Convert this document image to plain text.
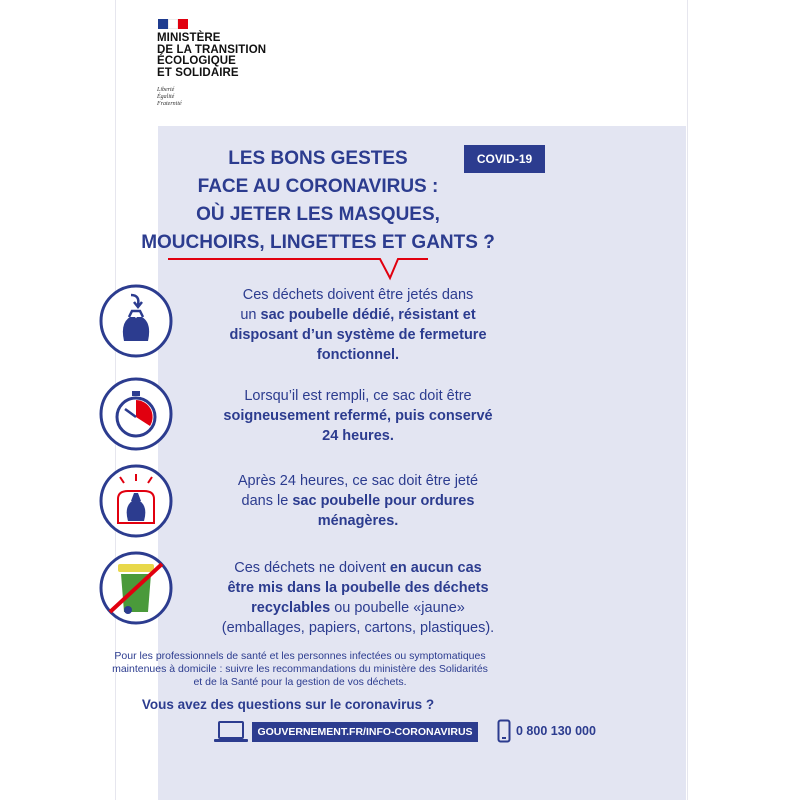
MINISTÈRE
DE LA TRANSITION
ÉCOLOGIQUE
ET SOLIDAIRE
Liberté
Égalité
Fraternité
COVID-19
LES BONS GESTES
FACE AU CORONAVIRUS :
OÙ JETER LES MASQUES,
MOUCHOIRS, LINGETTES ET GANTS ?
Ces déchets doivent être jetés dans
un sac poubelle dédié, résistant et
disposant d’un système de fermeture
fonctionnel.
Lorsqu’il est rempli, ce sac doit être
soigneusement refermé, puis conservé
24 heures.
Après 24 heures, ce sac doit être jeté
dans le sac poubelle pour ordures
ménagères.
Ces déchets ne doivent en aucun cas
être mis dans la poubelle des déchets
recyclables ou poubelle «jaune»
(emballages, papiers, cartons, plastiques).
Pour les professionnels de santé et les personnes infectées ou symptomatiques
maintenues à domicile : suivre les recommandations du ministère des Solidarités
et de la Santé pour la gestion de vos déchets.
Vous avez des questions sur le coronavirus ?
GOUVERNEMENT.FR/INFO-CORONAVIRUS	0 800 130 000
